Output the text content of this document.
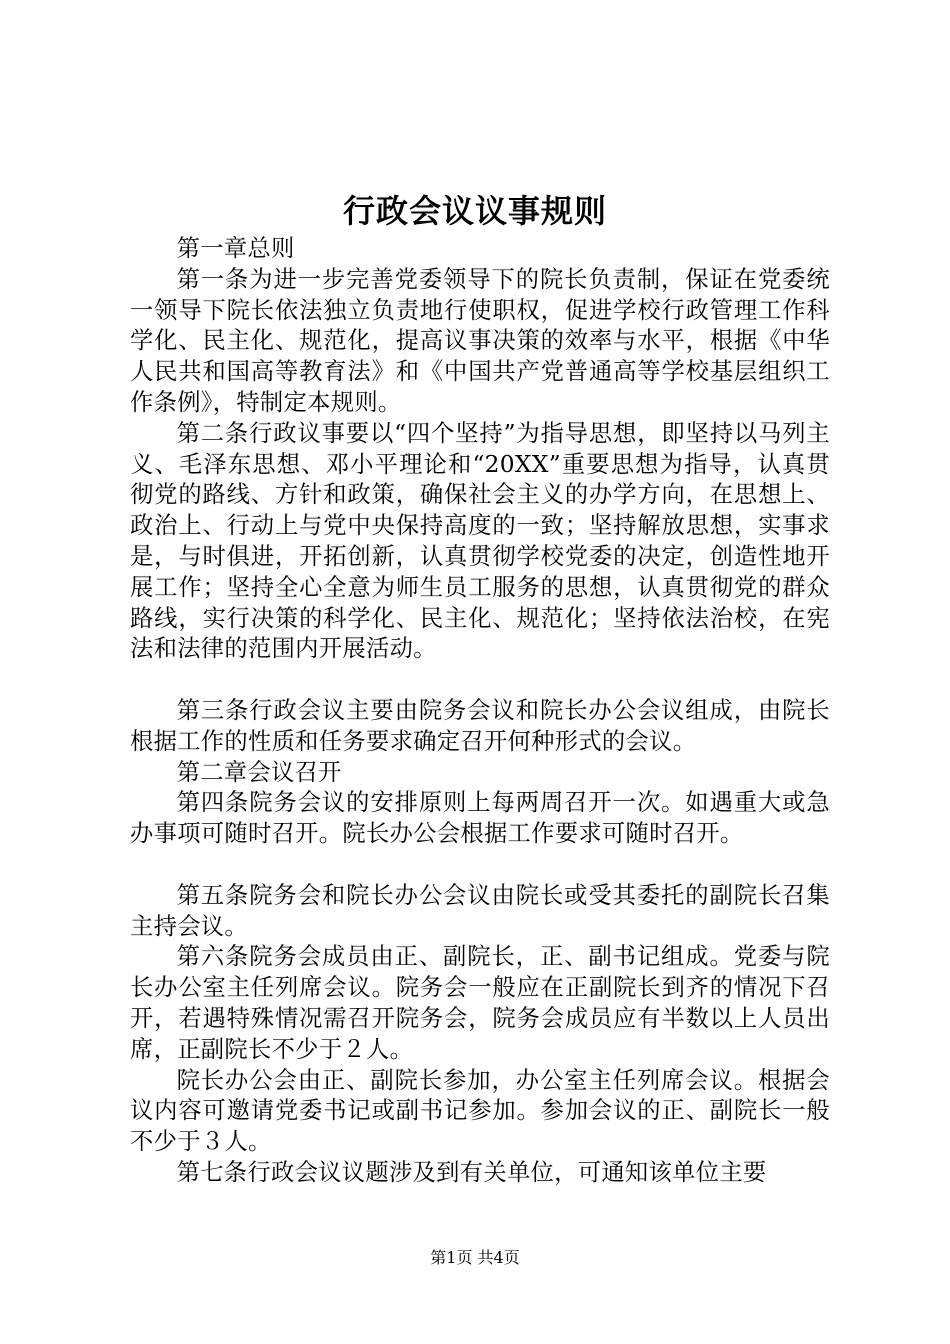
行政会议议事规则

第一章总则

第一条为进一步完善党委领导下的院长负责制，保证在党委统一领导下院长依法独立负责地行使职权，促进学校行政管理工作科学化、民主化、规范化，提高议事决策的效率与水平，根据《中华人民共和国高等教育法》和《中国共产党普通高等学校基层组织工作条例》，特制定本规则。

第二条行政议事要以“四个坚持”为指导思想，即坚持以马列主义、毛泽东思想、邓小平理论和“20XX”重要思想为指导，认真贯彻党的路线、方针和政策，确保社会主义的办学方向，在思想上、政治上、行动上与党中央保持高度的一致；坚持解放思想，实事求是，与时俱进，开拓创新，认真贯彻学校党委的决定，创造性地开展工作；坚持全心全意为师生员工服务的思想，认真贯彻党的群众路线，实行决策的科学化、民主化、规范化；坚持依法治校，在宪法和法律的范围内开展活动。

第三条行政会议主要由院务会议和院长办公会议组成，由院长根据工作的性质和任务要求确定召开何种形式的会议。

第二章会议召开

第四条院务会议的安排原则上每两周召开一次。如遇重大或急办事项可随时召开。院长办公会根据工作要求可随时召开。

第五条院务会和院长办公会议由院长或受其委托的副院长召集主持会议。

第六条院务会成员由正、副院长，正、副书记组成。党委与院长办公室主任列席会议。院务会一般应在正副院长到齐的情况下召开，若遇特殊情况需召开院务会，院务会成员应有半数以上人员出席，正副院长不少于２人。

院长办公会由正、副院长参加，办公室主任列席会议。根据会议内容可邀请党委书记或副书记参加。参加会议的正、副院长一般不少于３人。

第七条行政会议议题涉及到有关单位，可通知该单位主要

第1页 共4页
